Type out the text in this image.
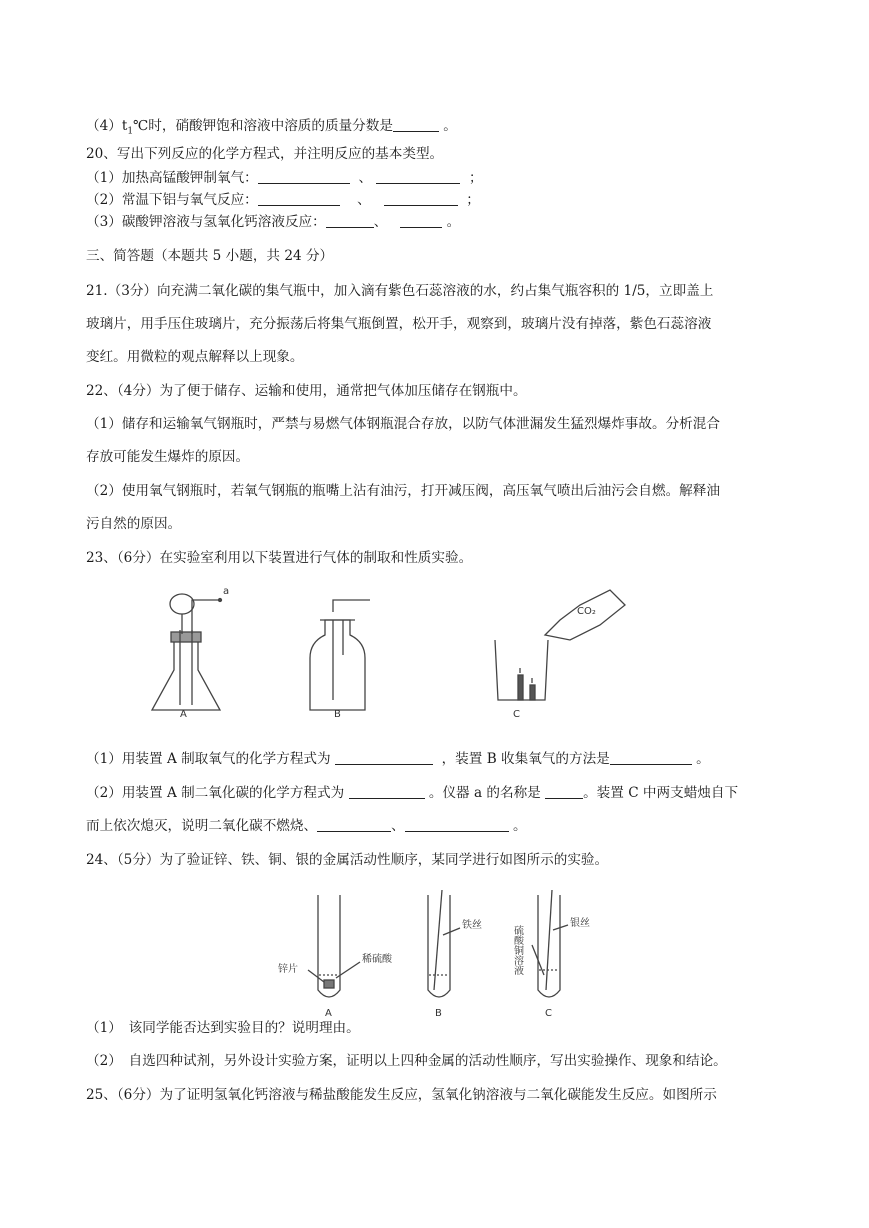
$(4)t_1℃$时，硝酸钾饱和溶液中溶质的质量分数是	。
20、写出下列反应的化学方程式，并注明反应的基本类型。
（1）加热高锰酸钾制氧气：	、	；
（2）常温下铝与氧气反应：	、	；
（3）碳酸钾溶液与氢氧化钙溶液反应：	、	。
三、简答题（本题共 5 小题，共 24 分）
21.（3分）向充满二氧化碳的集气瓶中，加入滴有紫色石蕊溶液的水，约占集气瓶容积的 1/5，立即盖上
玻璃片，用手压住玻璃片，充分振荡后将集气瓶倒置，松开手，观察到，玻璃片没有掉落，紫色石蕊溶液
变红。用微粒的观点解释以上现象。
22、（4分）为了便于储存、运输和使用，通常把气体加压储存在钢瓶中。
（1）储存和运输氧气钢瓶时，严禁与易燃气体钢瓶混合存放，以防气体泄漏发生猛烈爆炸事故。分析混合
存放可能发生爆炸的原因。
（2）使用氧气钢瓶时，若氧气钢瓶的瓶嘴上沾有油污，打开减压阀，高压氧气喷出后油污会自燃。解释油
污自然的原因。
23、（6分）在实验室利用以下装置进行气体的制取和性质实验。
a
A	B
CO₂
C
（1）用装置 A 制取氧气的化学方程式为	，装置 B 收集氧气的方法是	。
（2）用装置 A 制二氧化碳的化学方程式为	。仪器 a 的名称是	。装置 C 中两支蜡烛自下
而上依次熄灭，说明二氧化碳不燃烧、	、	。
24、（5分）为了验证锌、铁、铜、银的金属活动性顺序，某同学进行如图所示的实验。
锌片
稀硫酸
铁丝	银丝
硫酸铜溶液
A	B	C
（1）　该同学能否达到实验目的？说明理由。
（2）　自选四种试剂，另外设计实验方案，证明以上四种金属的活动性顺序，写出实验操作、现象和结论。
25、（6分）为了证明氢氧化钙溶液与稀盐酸能发生反应，氢氧化钠溶液与二氧化碳能发生反应。如图所示
